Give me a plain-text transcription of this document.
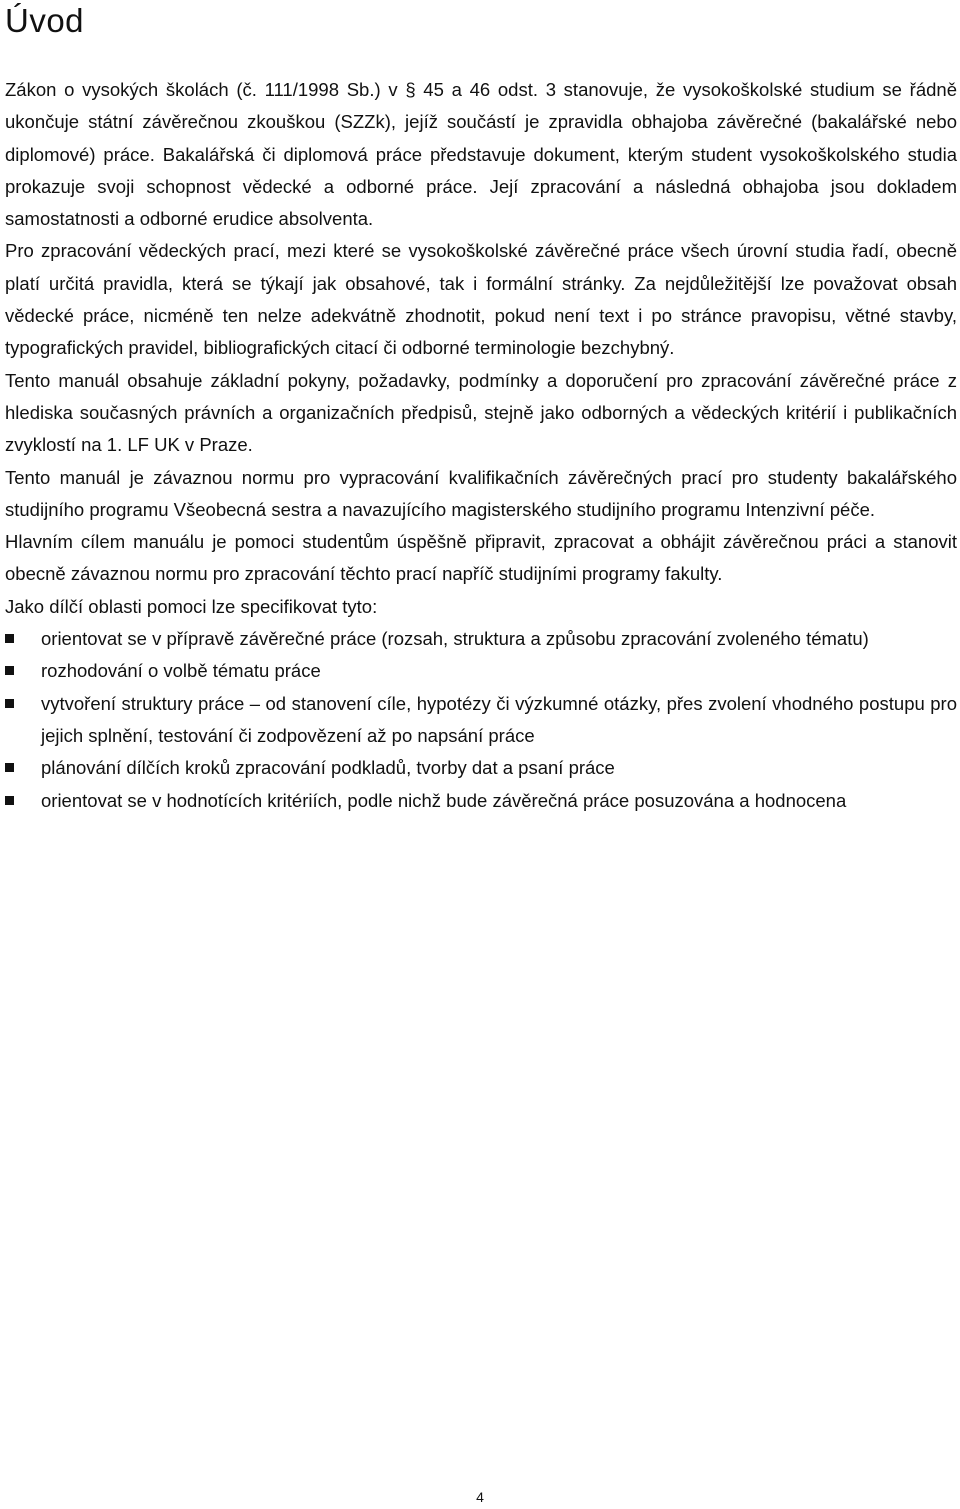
Úvod

Zákon o vysokých školách (č. 111/1998 Sb.) v § 45 a 46 odst. 3 stanovuje, že vysokoškolské studium se řádně ukončuje státní závěrečnou zkouškou (SZZk), jejíž součástí je zpravidla obhajoba závěrečné (bakalářské nebo diplomové) práce. Bakalářská či diplomová práce představuje dokument, kterým student vysokoškolského studia prokazuje svoji schopnost vědecké a odborné práce. Její zpracování a následná obhajoba jsou dokladem samostatnosti a odborné erudice absolventa.

Pro zpracování vědeckých prací, mezi které se vysokoškolské závěrečné práce všech úrovní studia řadí, obecně platí určitá pravidla, která se týkají jak obsahové, tak i formální stránky. Za nejdůležitější lze považovat obsah vědecké práce, nicméně ten nelze adekvátně zhodnotit, pokud není text i po stránce pravopisu, větné stavby, typografických pravidel, bibliografických citací či odborné terminologie bezchybný.

Tento manuál obsahuje základní pokyny, požadavky, podmínky a doporučení pro zpracování závěrečné práce z hlediska současných právních a organizačních předpisů, stejně jako odborných a vědeckých kritérií i publikačních zvyklostí na 1. LF UK v Praze.

Tento manuál je závaznou normu pro vypracování kvalifikačních závěrečných prací pro studenty bakalářského studijního programu Všeobecná sestra a navazujícího magisterského studijního programu Intenzivní péče.

Hlavním cílem manuálu je pomoci studentům úspěšně připravit, zpracovat a obhájit závěrečnou práci a stanovit obecně závaznou normu pro zpracování těchto prací napříč studijními programy fakulty.

Jako dílčí oblasti pomoci lze specifikovat tyto:

orientovat se v přípravě závěrečné práce (rozsah, struktura a způsobu zpracování zvoleného tématu)
rozhodování o volbě tématu práce
vytvoření struktury práce – od stanovení cíle, hypotézy či výzkumné otázky, přes zvolení vhodného postupu pro jejich splnění, testování či zodpovězení až po napsání práce
plánování dílčích kroků zpracování podkladů, tvorby dat a psaní práce
orientovat se v hodnotících kritériích, podle nichž bude závěrečná práce posuzována a hodnocena
4
